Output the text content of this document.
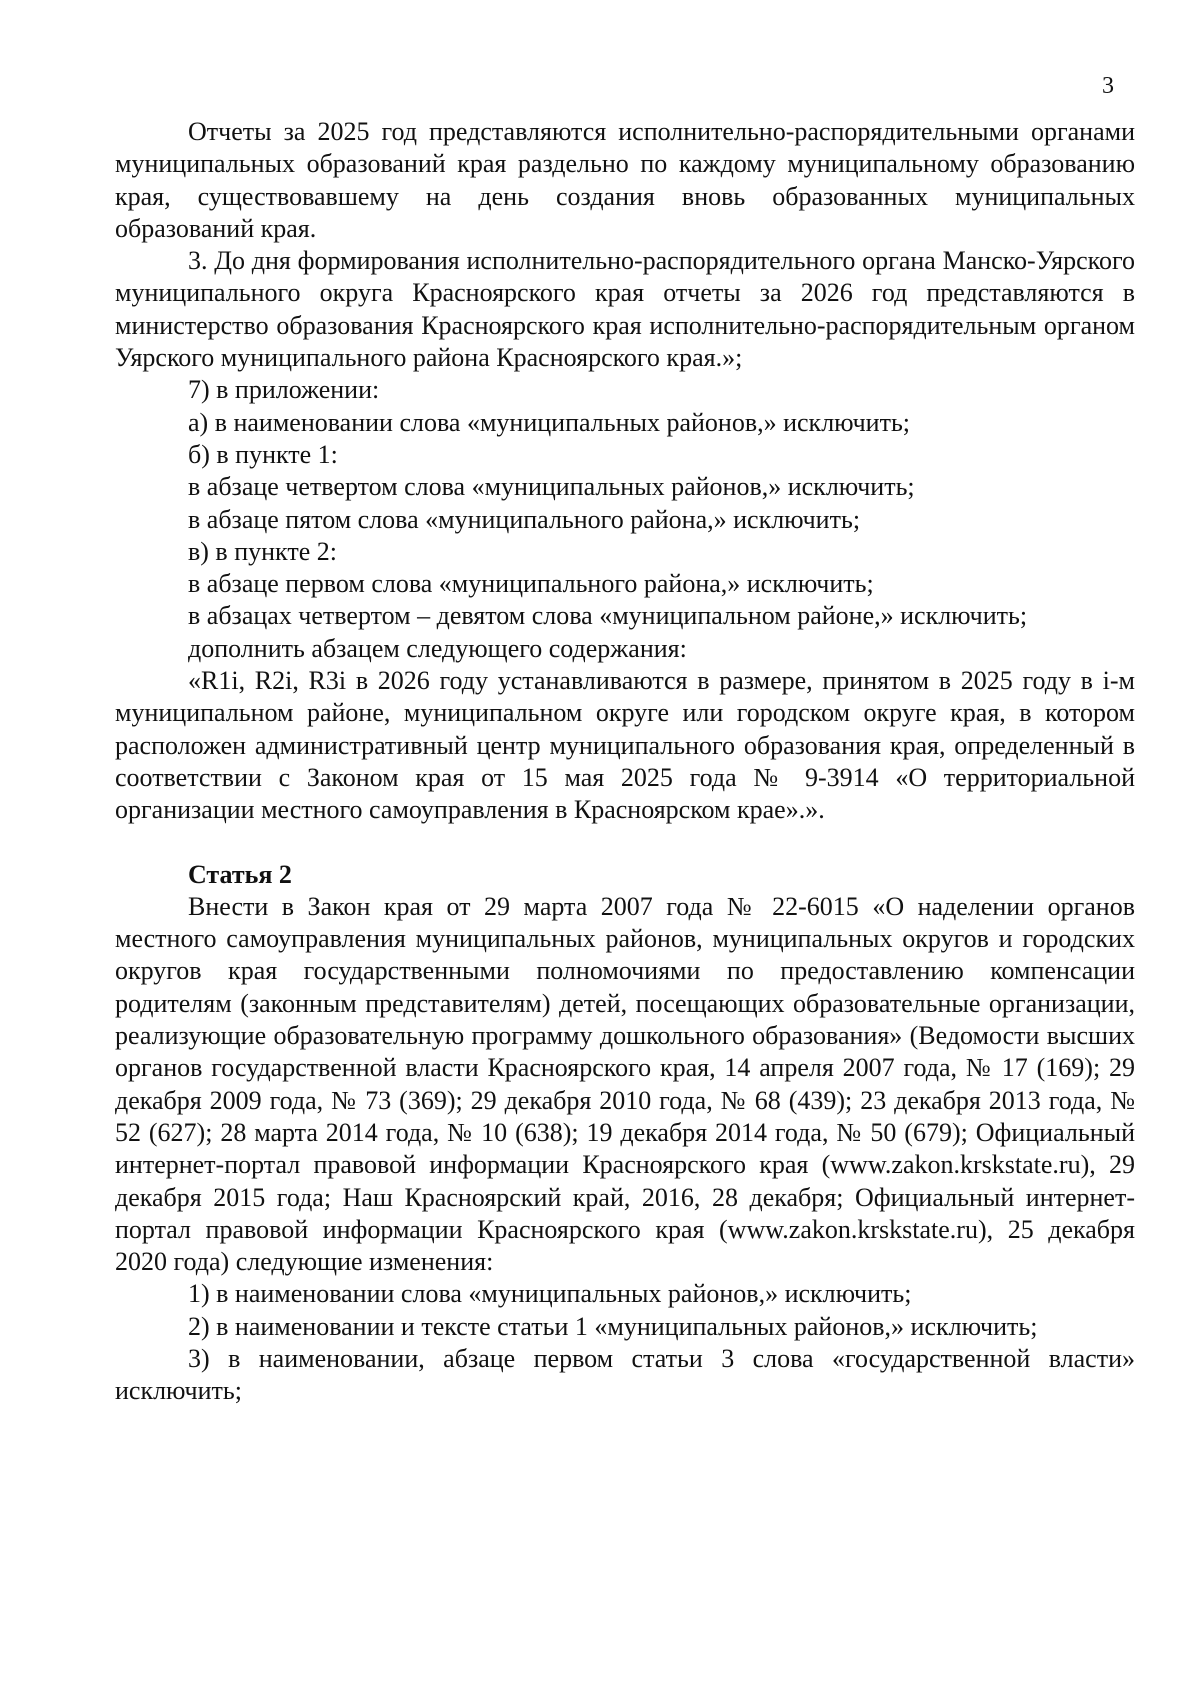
3

Отчеты за 2025 год представляются исполнительно-распорядительными органами муниципальных образований края раздельно по каждому муниципальному образованию края, существовавшему на день создания вновь образованных муниципальных образований края.

3. До дня формирования исполнительно-распорядительного органа Манско-Уярского муниципального округа Красноярского края отчеты за 2026 год представляются в министерство образования Красноярского края исполнительно-распорядительным органом Уярского муниципального района Красноярского края.»;

7) в приложении:

а) в наименовании слова «муниципальных районов,» исключить;

б) в пункте 1:

в абзаце четвертом слова «муниципальных районов,» исключить;

в абзаце пятом слова «муниципального района,» исключить;

в) в пункте 2:

в абзаце первом слова «муниципального района,» исключить;

в абзацах четвертом – девятом слова «муниципальном районе,» исключить;

дополнить абзацем следующего содержания:

«R1i, R2i, R3i в 2026 году устанавливаются в размере, принятом в 2025 году в i-м муниципальном районе, муниципальном округе или городском округе края, в котором расположен административный центр муниципального образования края, определенный в соответствии с Законом края от 15 мая 2025 года № 9-3914 «О территориальной организации местного самоуправления в Красноярском крае».».

Статья 2

Внести в Закон края от 29 марта 2007 года № 22-6015 «О наделении органов местного самоуправления муниципальных районов, муниципальных округов и городских округов края государственными полномочиями по предоставлению компенсации родителям (законным представителям) детей, посещающих образовательные организации, реализующие образовательную программу дошкольного образования» (Ведомости высших органов государственной власти Красноярского края, 14 апреля 2007 года, № 17 (169); 29 декабря 2009 года, № 73 (369); 29 декабря 2010 года, № 68 (439); 23 декабря 2013 года, № 52 (627); 28 марта 2014 года, № 10 (638); 19 декабря 2014 года, № 50 (679); Официальный интернет-портал правовой информации Красноярского края (www.zakon.krskstate.ru), 29 декабря 2015 года; Наш Красноярский край, 2016, 28 декабря; Официальный интернет-портал правовой информации Красноярского края (www.zakon.krskstate.ru), 25 декабря 2020 года) следующие изменения:

1) в наименовании слова «муниципальных районов,» исключить;

2) в наименовании и тексте статьи 1 «муниципальных районов,» исключить;

3) в наименовании, абзаце первом статьи 3 слова «государственной власти» исключить;
